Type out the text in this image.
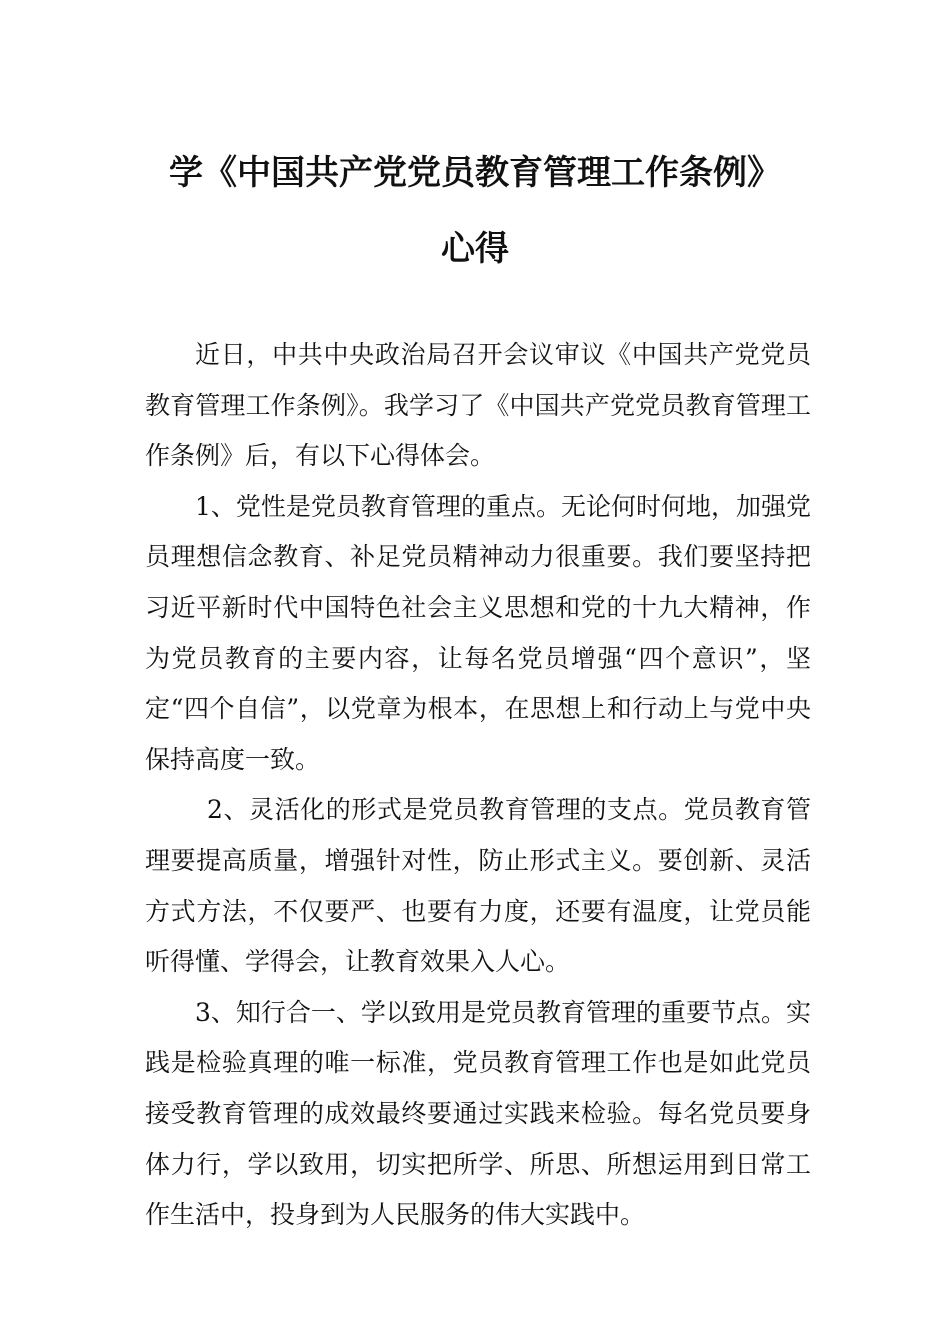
学《中国共产党党员教育管理工作条例》
心得

近日，中共中央政治局召开会议审议《中国共产党党员教育管理工作条例》。我学习了《中国共产党党员教育管理工作条例》后，有以下心得体会。

1、党性是党员教育管理的重点。无论何时何地，加强党员理想信念教育、补足党员精神动力很重要。我们要坚持把习近平新时代中国特色社会主义思想和党的十九大精神，作为党员教育的主要内容，让每名党员增强“四个意识”，坚定“四个自信”，以党章为根本，在思想上和行动上与党中央保持高度一致。

2、灵活化的形式是党员教育管理的支点。党员教育管理要提高质量，增强针对性，防止形式主义。要创新、灵活方式方法，不仅要严、也要有力度，还要有温度，让党员能听得懂、学得会，让教育效果入人心。

3、知行合一、学以致用是党员教育管理的重要节点。实践是检验真理的唯一标准，党员教育管理工作也是如此党员接受教育管理的成效最终要通过实践来检验。每名党员要身体力行，学以致用，切实把所学、所思、所想运用到日常工作生活中，投身到为人民服务的伟大实践中。
